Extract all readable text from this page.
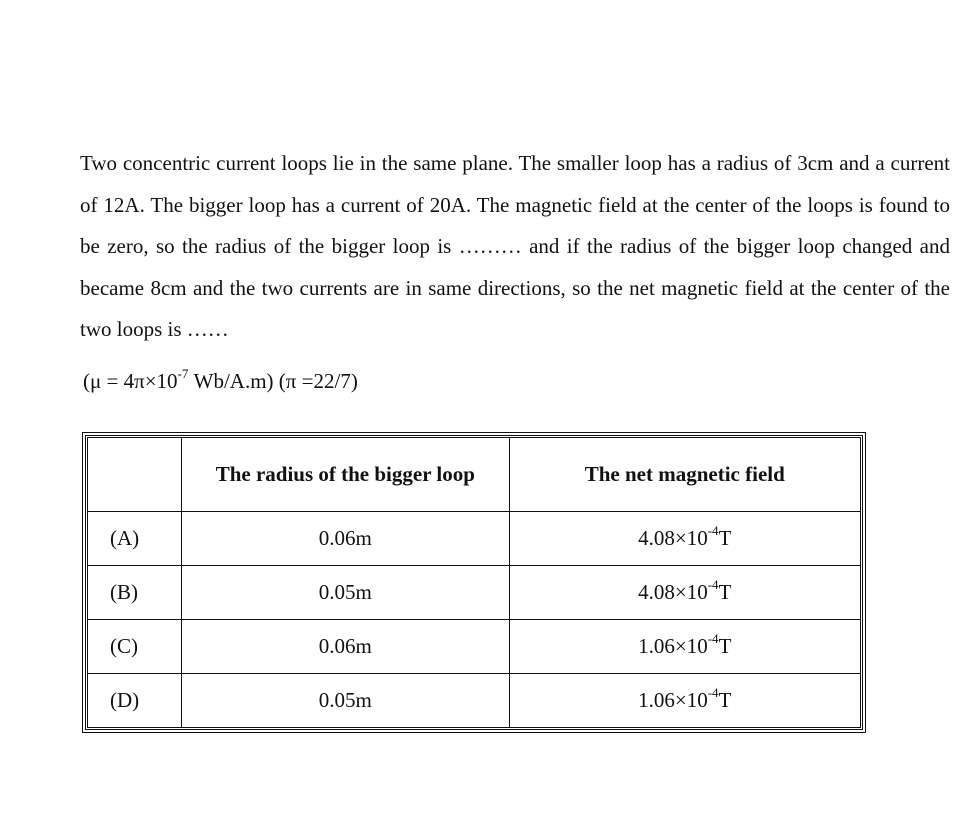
Two concentric current loops lie in the same plane. The smaller loop has a radius of 3cm and a current of 12A. The bigger loop has a current of 20A. The magnetic field at the center of the loops is found to be zero, so the radius of the bigger loop is ……… and if the radius of the bigger loop changed and became 8cm and the two currents are in same directions, so the net magnetic field at the center of the two loops is ……
($\mu = 4\pi\times 10^{-7}$ Wb/A.m) (π =22/7)
	The radius of the bigger loop	The net magnetic field
(A)	0.06m	$4.08\times 10^{-4}T$
(B)	0.05m	$4.08\times 10^{-4}T$
(C)	0.06m	$1.06\times 10^{-4}T$
(D)	0.05m	$1.06\times 10^{-4}T$
